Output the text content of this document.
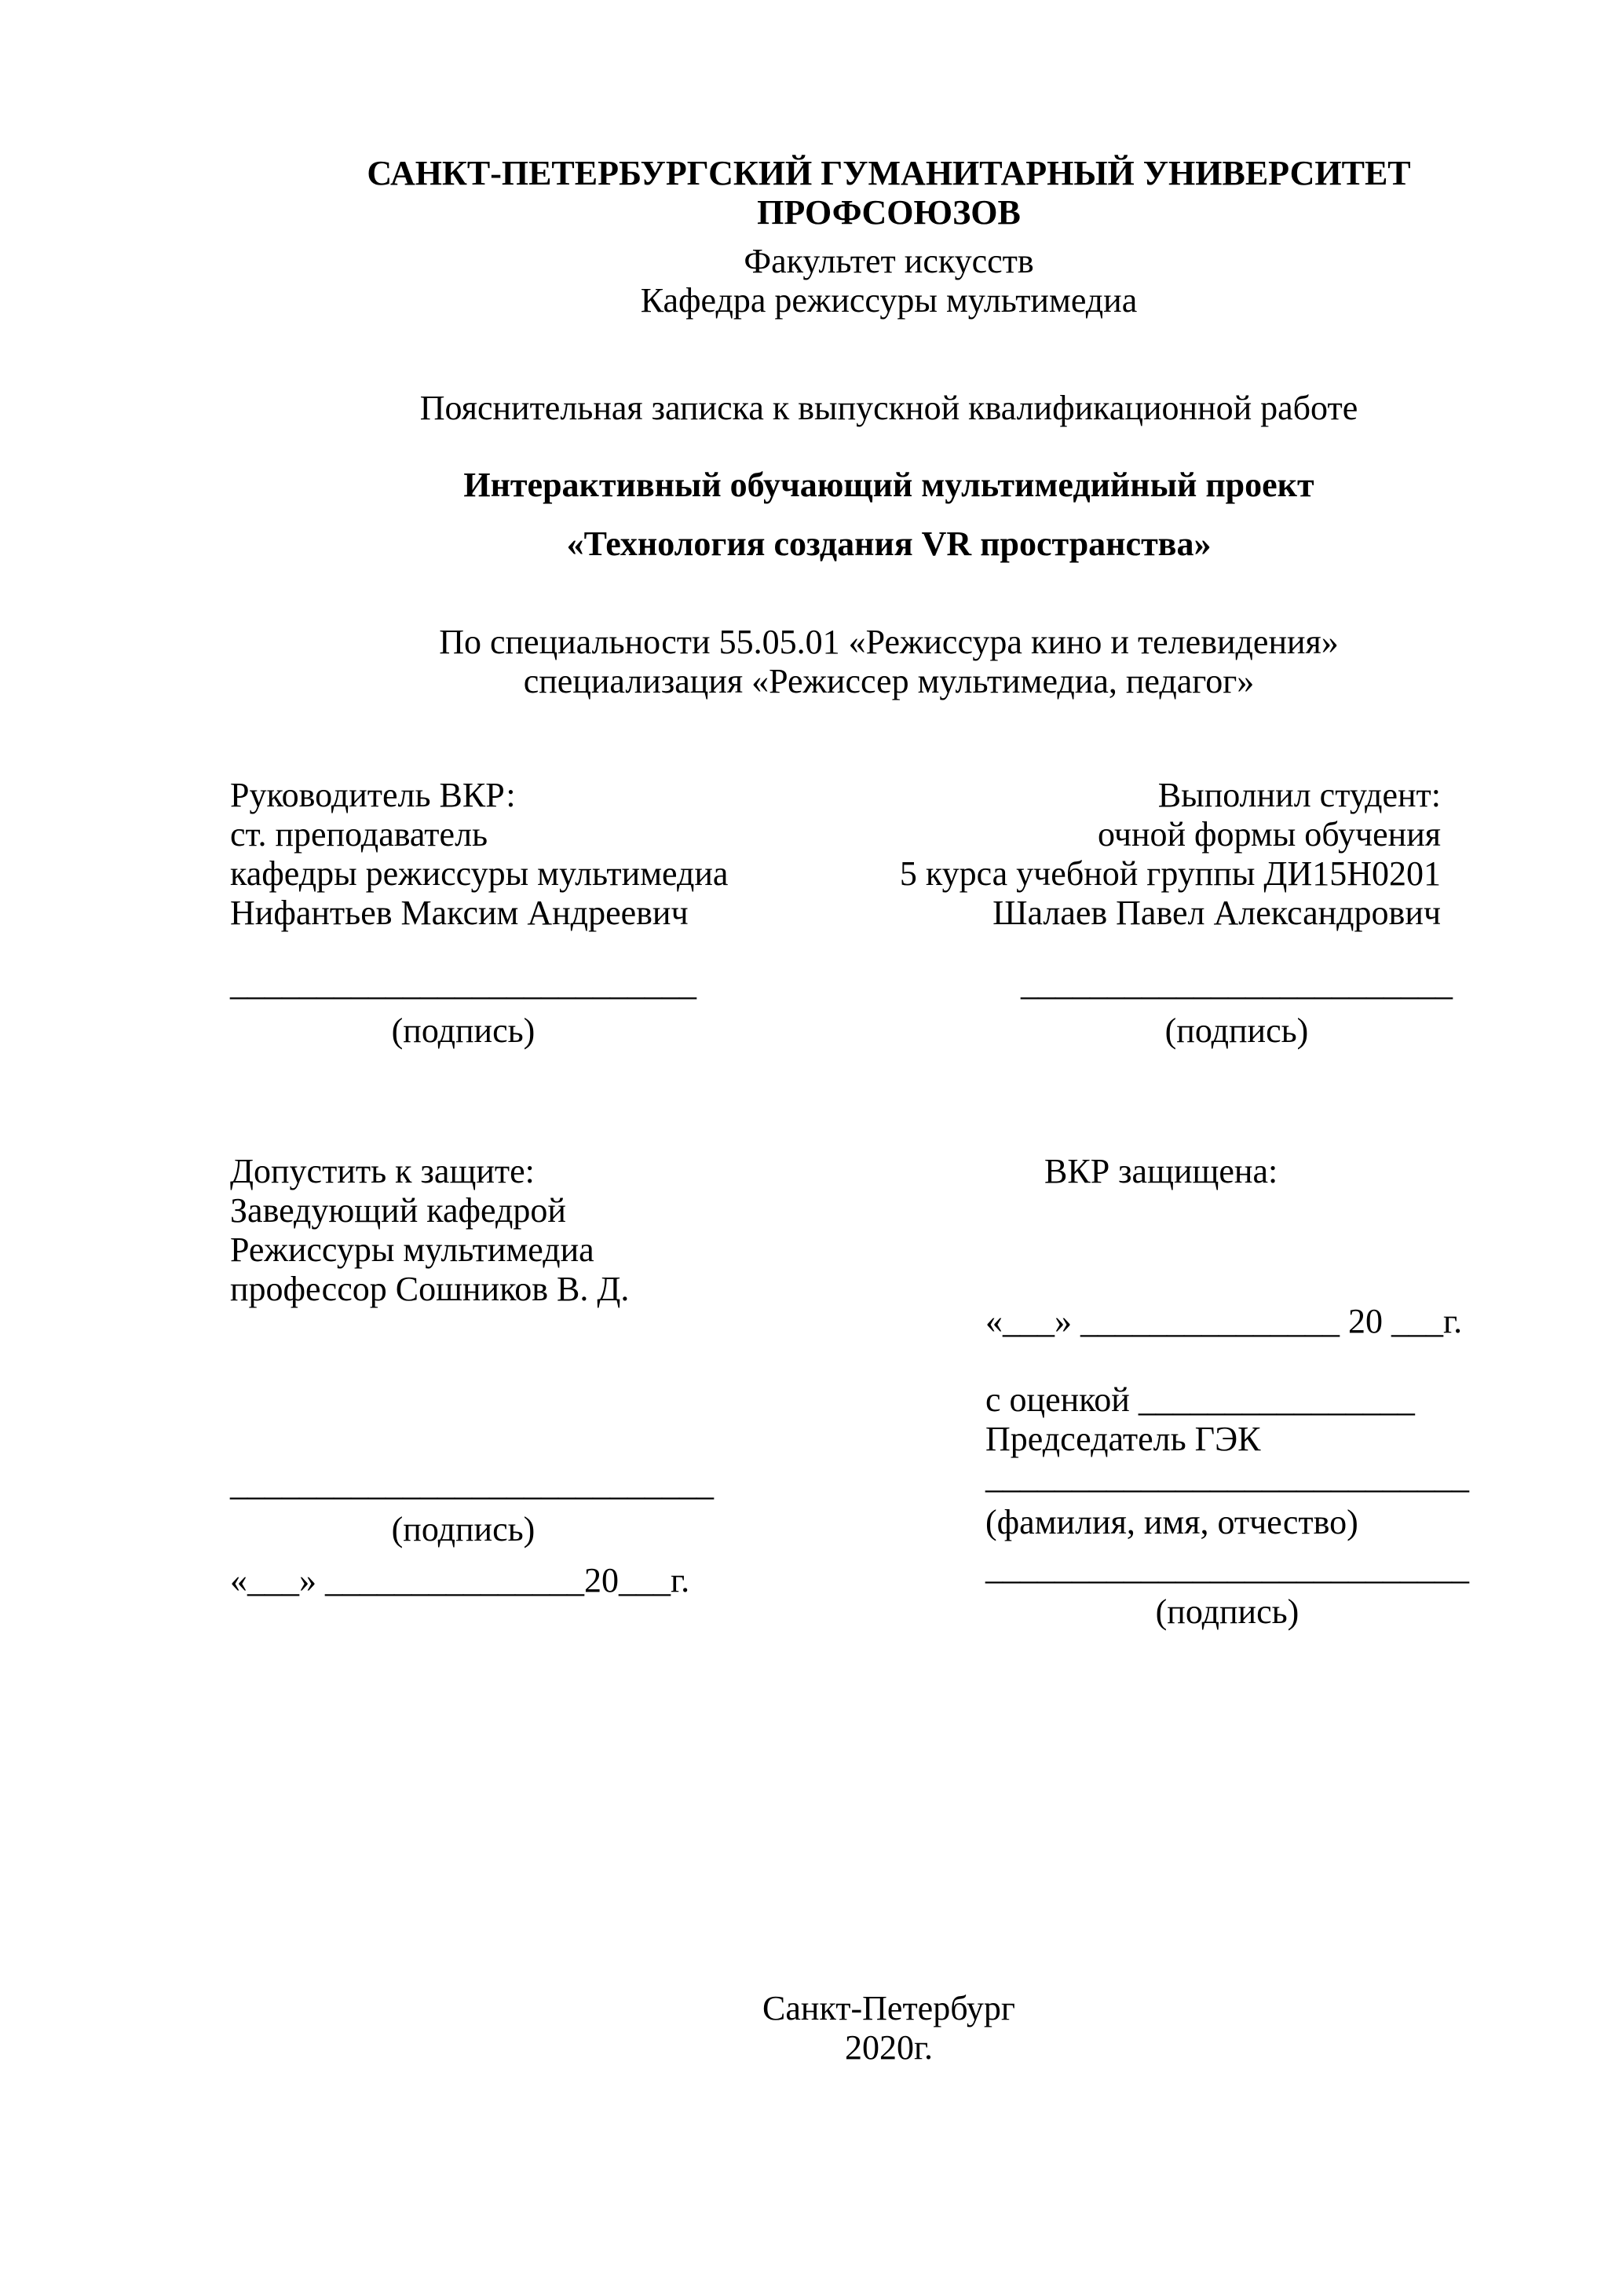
САНКТ-ПЕТЕРБУРГСКИЙ ГУМАНИТАРНЫЙ УНИВЕРСИТЕТ ПРОФСОЮЗОВ
Факультет искусств
Кафедра режиссуры мультимедиа
Пояснительная записка к выпускной квалификационной работе
Интерактивный обучающий мультимедийный проект
«Технология создания VR пространства»
По специальности 55.05.01 «Режиссура кино и телевидения»
специализация «Режиссер мультимедиа, педагог»
Руководитель ВКР:
ст. преподаватель
кафедры режиссуры мультимедиа
Нифантьев Максим Андреевич
___________________________
(подпись)
Выполнил студент:
очной формы обучения
5 курса учебной группы ДИ15Н0201
Шалаев Павел Александрович
_________________________
(подпись)
Допустить к защите:
Заведующий кафедрой
Режиссуры мультимедиа
профессор Сошников В. Д.
____________________________
(подпись)
«___» _______________20___г.
ВКР защищена:
«___» _______________ 20 ___г.
с оценкой ________________
Председатель ГЭК
____________________________
(фамилия, имя, отчество)
____________________________
(подпись)
Санкт-Петербург
2020г.
